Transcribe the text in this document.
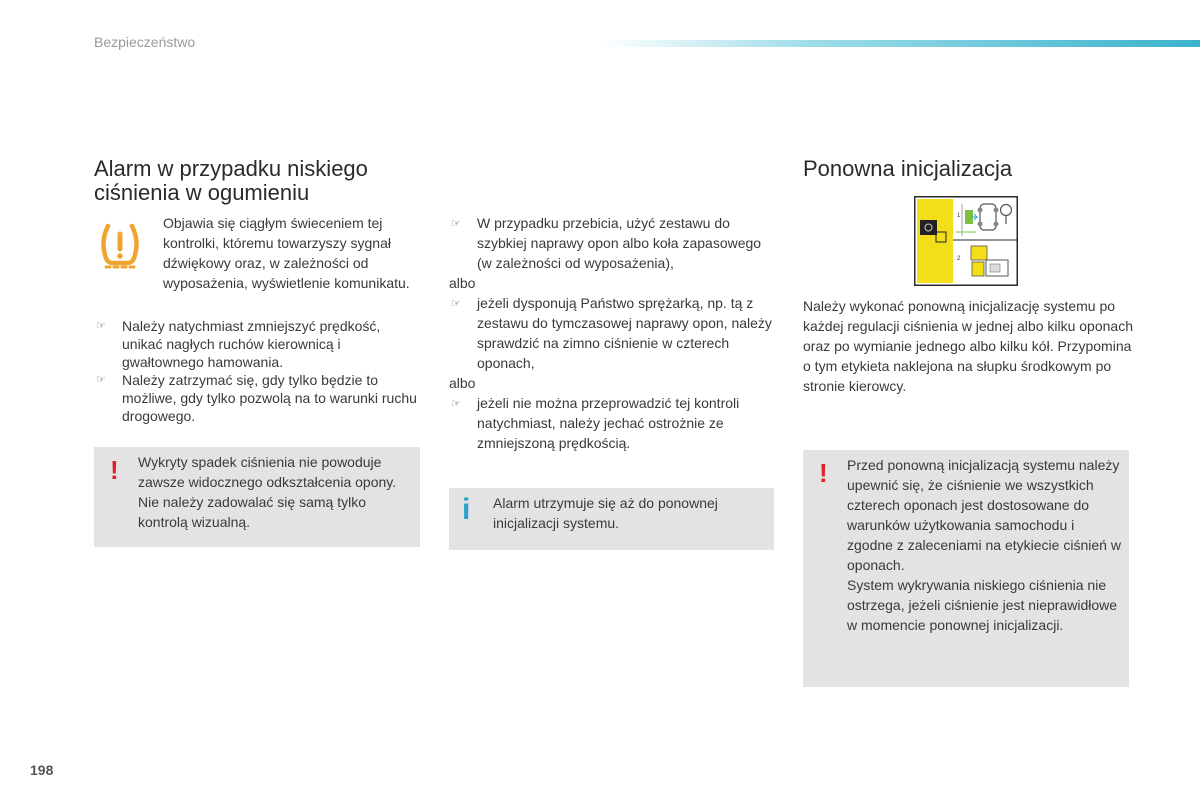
Bezpieczeństwo
Alarm w przypadku niskiego ciśnienia w ogumieniu
Objawia się ciągłym świeceniem tej kontrolki, któremu towarzyszy sygnał dźwiękowy oraz, w zależności od wyposażenia, wyświetlenie komunikatu.
☞ Należy natychmiast zmniejszyć prędkość, unikać nagłych ruchów kierownicą i gwałtownego hamowania.
☞ Należy zatrzymać się, gdy tylko będzie to możliwe, gdy tylko pozwolą na to warunki ruchu drogowego.
! Wykryty spadek ciśnienia nie powoduje zawsze widocznego odkształcenia opony. Nie należy zadowalać się samą tylko kontrolą wizualną.
☞ W przypadku przebicia, użyć zestawu do szybkiej naprawy opon albo koła zapasowego (w zależności od wyposażenia),
albo
☞ jeżeli dysponują Państwo sprężarką, np. tą z zestawu do tymczasowej naprawy opon, należy sprawdzić na zimno ciśnienie w czterech oponach,
albo
☞ jeżeli nie można przeprowadzić tej kontroli natychmiast, należy jechać ostrożnie ze zmniejszoną prędkością.
i Alarm utrzymuje się aż do ponownej inicjalizacji systemu.
Ponowna inicjalizacja
1
2
Należy wykonać ponowną inicjalizację systemu po każdej regulacji ciśnienia w jednej albo kilku oponach oraz po wymianie jednego albo kilku kół. Przypomina o tym etykieta naklejona na słupku środkowym po stronie kierowcy.
! Przed ponowną inicjalizacją systemu należy upewnić się, że ciśnienie we wszystkich czterech oponach jest dostosowane do warunków użytkowania samochodu i zgodne z zaleceniami na etykiecie ciśnień w oponach.
System wykrywania niskiego ciśnienia nie ostrzega, jeżeli ciśnienie jest nieprawidłowe w momencie ponownej inicjalizacji.
198
